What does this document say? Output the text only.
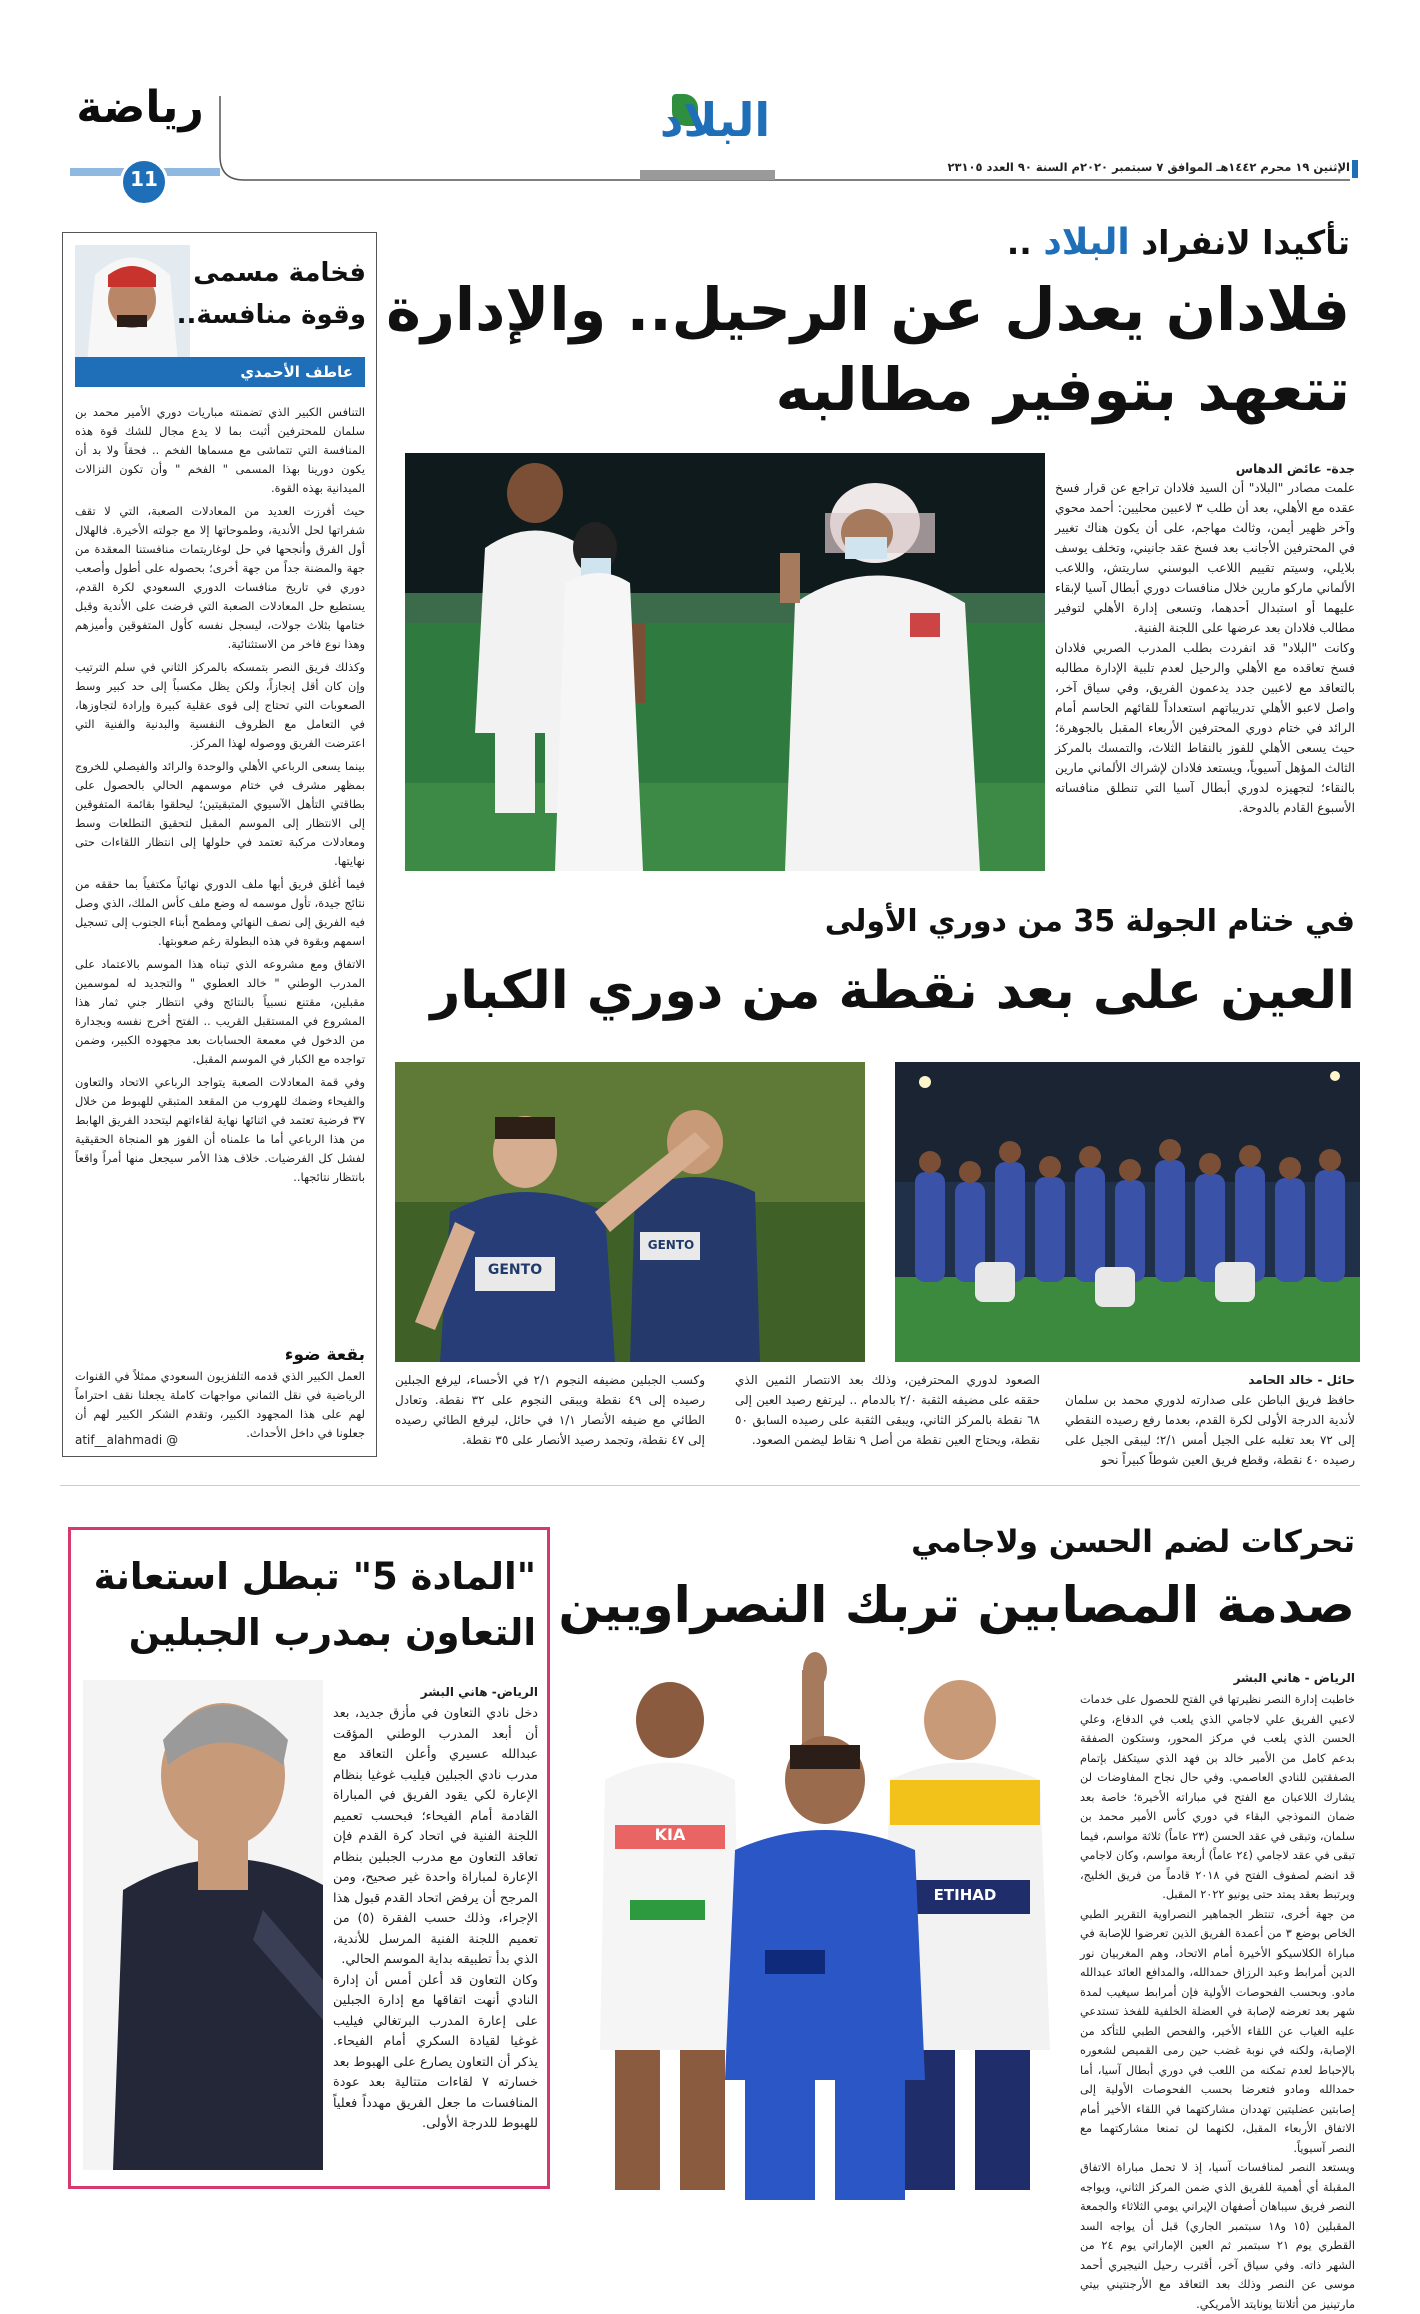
رياضة
11
البلاد
الإثنين ١٩ محرم ١٤٤٢هـ الموافق ٧ سبتمبر ٢٠٢٠م السنة ٩٠ العدد ٢٣١٠٥
تأكيدا لانفراد البلاد ..
فلادان يعدل عن الرحيل.. والإدارة
تتعهد بتوفير مطالبه
جدة- عائض الدهاس
علمت مصادر "البلاد" أن السيد فلادان تراجع عن قرار فسخ عقده مع الأهلي، بعد أن طلب ٣ لاعبين محليين: أحمد محوي وآخر ظهير أيمن، وثالث مهاجم، على أن يكون هناك تغيير في المحترفين الأجانب بعد فسخ عقد جانيني، وتخلف يوسف بلايلي، وسيتم تقييم اللاعب البوسني ساريتش، واللاعب الألماني ماركو مارين خلال منافسات دوري أبطال آسيا لإبقاء عليهما أو استبدال أحدهما، وتسعى إدارة الأهلي لتوفير مطالب فلادان بعد عرضها على اللجنة الفنية.
وكانت "البلاد" قد انفردت بطلب المدرب الصربي فلادان فسخ تعاقده مع الأهلي والرحيل لعدم تلبية الإدارة مطالبه بالتعاقد مع لاعبين جدد يدعمون الفريق، وفي سياق آخر، واصل لاعبو الأهلي تدريباتهم استعداداً للقائهم الحاسم أمام الرائد في ختام دوري المحترفين الأربعاء المقبل بالجوهرة؛ حيث يسعى الأهلي للفوز بالنقاط الثلاث، والتمسك بالمركز الثالث المؤهل آسيوياً، ويستعد فلادان لإشراك الألماني مارين بالنقاء؛ لتجهيزه لدوري أبطال آسيا التي تنطلق منافساته الأسبوع القادم بالدوحة.
في ختام الجولة 35 من دوري الأولى
العين على بعد نقطة من دوري الكبار
GENTO
GENTO
حائل - خالد الحامد
حافظ فريق الباطن على صدارته لدوري محمد بن سلمان لأندية الدرجة الأولى لكرة القدم، بعدما رفع رصيده النقطي إلى ٧٢ بعد تغلبه على الجيل أمس ٢/١؛ ليبقى الجيل على رصيده ٤٠ نقطة، وقطع فريق العين شوطاً كبيراً نحو
الصعود لدوري المحترفين، وذلك بعد الانتصار الثمين الذي حققه على مضيفه الثقبة ٢/٠ بالدمام .. ليرتفع رصيد العين إلى ٦٨ نقطة بالمركز الثاني، ويبقى الثقبة على رصيده السابق ٥٠ نقطة، ويحتاج العين نقطة من أصل ٩ نقاط ليضمن الصعود.
وكسب الجبلين مضيفه النجوم ٢/١ في الأحساء، ليرفع الجبلين رصيده إلى ٤٩ نقطة ويبقى النجوم على ٣٢ نقطة. وتعادل الطائي مع ضيفه الأنصار ١/١ في حائل، ليرفع الطائي رصيده إلى ٤٧ نقطة، وتجمد رصيد الأنصار على ٣٥ نقطة.
فخامة مسمى
وقوة منافسة..
عاطف الأحمدي

التنافس الكبير الذي تضمنته مباريات دوري الأمير محمد بن سلمان للمحترفين أثبت بما لا يدع مجال للشك قوة هذه المنافسة التي تتماشى مع مسماها الفخم .. فحقاً ولا بد أن يكون دورينا بهذا المسمى " الفخم " وأن تكون النزالات الميدانية بهذه القوة.

حيث أفرزت العديد من المعادلات الصعبة، التي لا تقف شفراتها لحل الأندية، وطموحاتها إلا مع جولته الأخيرة. فالهلال أول الفرق وأنجحها في حل لوغاريتمات منافستنا المعقدة من جهة والمضنة جداً من جهة أخرى؛ بحصوله على أطول وأصعب دوري في تاريخ منافسات الدوري السعودي لكرة القدم، يستطيع حل المعادلات الصعبة التي فرضت على الأندية وقبل ختامها بثلاث جولات، ليسجل نفسه كأول المتفوقين وأميزهم وهذا نوع فاخر من الاستثنائية.

وكذلك فريق النصر بتمسكه بالمركز الثاني في سلم الترتيب وإن كان أقل إنجازاً، ولكن يظل مكسباً إلى حد كبير وسط الصعوبات التي تحتاج إلى قوى عقلية كبيرة وإرادة لتجاوزها، في التعامل مع الظروف النفسية والبدنية والفنية التي اعترضت الفريق ووصوله لهذا المركز.

بينما يسعى الرباعي الأهلي والوحدة والرائد والفيصلي للخروج بمظهر مشرف في ختام موسمهم الحالي بالحصول على بطاقتي التأهل الآسيوي المتبقيتين؛ ليحلقوا بقائمة المتفوقين إلى الانتظار إلى الموسم المقبل لتحقيق التطلعات وسط ومعادلات مركبة تعتمد في حلولها إلى انتظار اللقاءات حتى نهايتها.

فيما أغلق فريق أبها ملف الدوري نهائياً مكتفياً بما حققه من نتائج جيدة، تأول موسمه له وضع ملف كأس الملك، الذي وصل فيه الفريق إلى نصف النهائي ومطمح أبناء الجنوب إلى تسجيل اسمهم وبقوة في هذه البطولة رغم صعوبتها.

الاتفاق ومع مشروعه الذي تبناه هذا الموسم بالاعتماد على المدرب الوطني " خالد العطوي " والتجديد له لموسمين مقبلين، مقتنع نسبياً بالنتائج وفي انتظار جني ثمار هذا المشروع في المستقبل القريب .. الفتح أخرج نفسه وبجدارة من الدخول في معمعة الحسابات بعد مجهوده الكبير، وضمن تواجده مع الكبار في الموسم المقبل.

وفي قمة المعادلات الصعبة يتواجد الرباعي الاتحاد والتعاون والفيحاء وضمك للهروب من المقعد المتبقي للهبوط من خلال ٣٧ فرضية تعتمد في اثنائها نهاية لقاءاتهم ليتحدد الفريق الهابط من هذا الرباعي أما ما علمناه أن الفوز هو المنجاة الحقيقية لفشل كل الفرضيات. خلاف هذا الأمر سيجعل منها أمراً واقعاً بانتظار نتائجها..

بقعة ضوء
العمل الكبير الذي قدمه التلفزيون السعودي ممثلاً في القنوات الرياضية في نقل الثماني مواجهات كاملة يجعلنا نقف احتراماً لهم على هذا المجهود الكبير، وتقدم الشكر الكبير لهم أن جعلونا في داخل الأحداث.
atif__alahmadi @
"المادة 5" تبطل استعانة
التعاون بمدرب الجبلين
الرياض- هاني البشر
دخل نادي التعاون في مأزق جديد، بعد أن أبعد المدرب الوطني المؤقت عبدالله عسيري وأعلن التعاقد مع مدرب نادي الجبلين فيليب غوغيا بنظام الإعارة لكي يقود الفريق في المباراة القادمة أمام الفيحاء؛ فبحسب تعميم اللجنة الفنية في اتحاد كرة القدم فإن تعاقد التعاون مع مدرب الجبلين بنظام الإعارة لمباراة واحدة غير صحيح، ومن المرجح أن يرفض اتحاد القدم قبول هذا الإجراء، وذلك حسب الفقرة (٥) من تعميم اللجنة الفنية المرسل للأندية، الذي بدأ تطبيقه بداية الموسم الحالي.
وكان التعاون قد أعلن أمس أن إدارة النادي أنهت اتفاقها مع إدارة الجبلين على إعارة المدرب البرتغالي فيليب غوغيا لقيادة السكري أمام الفيحاء. يذكر أن التعاون يصارع على الهبوط بعد خسارته ٧ لقاءات متتالية بعد عودة المنافسات ما جعل الفريق مهدداً فعلياً للهبوط للدرجة الأولى.
تحركات لضم الحسن ولاجامي
صدمة المصابين تربك النصراويين
KIA
ETIHAD
الرياض - هاني البشر
خاطبت إدارة النصر نظيرتها في الفتح للحصول على خدمات لاعبي الفريق علي لاجامي الذي يلعب في الدفاع، وعلي الحسن الذي يلعب في مركز المحور، وستكون الصفقة بدعم كامل من الأمير خالد بن فهد الذي سيتكفل بإتمام الصفقتين للنادي العاصمي. وفي حال نجاح المفاوضات لن يشارك اللاعبان مع الفتح في مباراته الأخيرة؛ خاصة بعد ضمان النموذجي البقاء في دوري كأس الأمير محمد بن سلمان، وتبقى في عقد الحسن (٢٣ عاماً) ثلاثة مواسم، فيما تبقى في عقد لاجامي (٢٤ عاماً) أربعة مواسم، وكان لاجامي قد انضم لصفوف الفتح في ٢٠١٨ قادماً من فريق الخليج، ويرتبط بعقد يمتد حتى يونيو ٢٠٢٢ المقبل.
من جهة أخرى، تنتظر الجماهير النصراوية التقرير الطبي الخاص بوضع ٣ من أعمدة الفريق الذين تعرضوا للإصابة في مباراة الكلاسيكو الأخيرة أمام الاتحاد، وهم المغربيان نور الدين أمرابط وعبد الرزاق حمدالله، والمدافع العائد عبدالله مادو. وبحسب الفحوصات الأولية فإن أمرابط سيغيب لمدة شهر بعد تعرضه لإصابة في العضلة الخلفية للفخذ تستدعي عليه الغياب عن اللقاء الأخير، والفحص الطبي للتأكد من الإصابة، ولكنه في نوبة غضب حين رمى القميص لشعوره بالإحباط لعدم تمكنه من اللعب في دوري أبطال آسيا، أما حمدالله ومادو فتعرضا بحسب الفحوصات الأولية إلى إصابتين عضليتين تهددان مشاركتهما في اللقاء الأخير أمام الاتفاق الأربعاء المقبل، لكنهما لن تمنعا مشاركتهما مع النصر آسيوياً.
ويستعد النصر لمنافسات آسيا، إذ لا تحمل مباراة الاتفاق المقبلة أي أهمية للفريق الذي ضمن المركز الثاني، ويواجه النصر فريق سيباهان أصفهان الإيراني يومي الثلاثاء والجمعة المقبلين (١٥ و١٨ سبتمبر الجاري) قبل أن يواجه السد القطري يوم ٢١ سبتمبر ثم العين الإماراتي يوم ٢٤ من الشهر ذاته. وفي سياق آخر، أقترب رحيل النيجيري أحمد موسى عن النصر وذلك بعد التعاقد مع الأرجنتيني بيتي مارتينيز من أتلانتا يونايتد الأمريكي.
